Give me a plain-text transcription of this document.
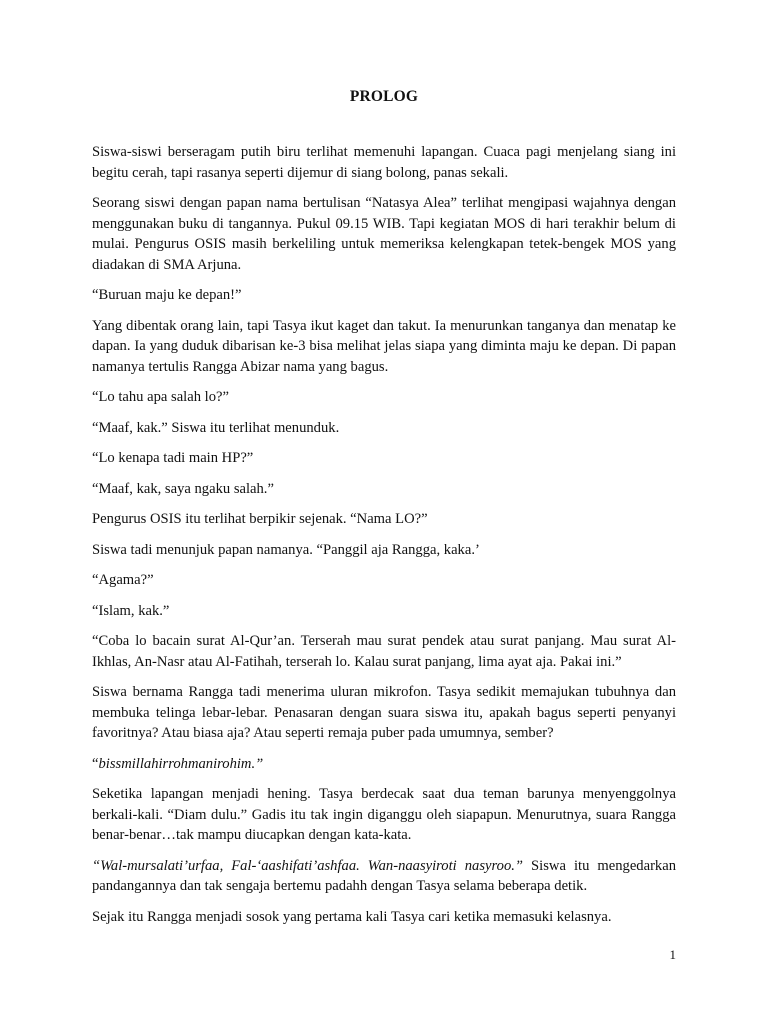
PROLOG

Siswa-siswi berseragam putih biru terlihat memenuhi lapangan. Cuaca pagi menjelang siang ini begitu cerah, tapi rasanya seperti dijemur di siang bolong, panas sekali.

Seorang siswi dengan papan nama bertulisan “Natasya Alea” terlihat mengipasi wajahnya dengan menggunakan buku di tangannya. Pukul 09.15 WIB. Tapi kegiatan MOS di hari terakhir belum di mulai. Pengurus OSIS masih berkeliling untuk memeriksa kelengkapan tetek-bengek MOS yang diadakan di SMA Arjuna.

“Buruan maju ke depan!”

Yang dibentak orang lain, tapi Tasya ikut kaget dan takut. Ia menurunkan tanganya dan menatap ke dapan. Ia yang duduk dibarisan ke-3 bisa melihat jelas siapa yang diminta maju ke depan. Di papan namanya tertulis Rangga Abizar nama yang bagus.

“Lo tahu apa salah lo?”

“Maaf, kak.” Siswa itu terlihat menunduk.

“Lo kenapa tadi main HP?”

“Maaf, kak, saya ngaku salah.”

Pengurus OSIS itu terlihat berpikir sejenak. “Nama LO?”

Siswa tadi menunjuk papan namanya. “Panggil aja Rangga, kaka.’

“Agama?”

“Islam, kak.”

“Coba lo bacain surat Al-Qur’an. Terserah mau surat pendek atau surat panjang. Mau surat Al-Ikhlas, An-Nasr atau Al-Fatihah, terserah lo. Kalau surat panjang, lima ayat aja. Pakai ini.”

Siswa bernama Rangga tadi menerima uluran mikrofon. Tasya sedikit memajukan tubuhnya dan membuka telinga lebar-lebar. Penasaran dengan suara siswa itu, apakah bagus seperti penyanyi favoritnya? Atau biasa aja? Atau seperti remaja puber pada umumnya, sember?

“bissmillahirrohmanirohim.”

Seketika lapangan menjadi hening. Tasya berdecak saat dua teman barunya menyenggolnya berkali-kali. “Diam dulu.” Gadis itu tak ingin diganggu oleh siapapun. Menurutnya, suara Rangga benar-benar…tak mampu diucapkan dengan kata-kata.

“Wal-mursalati’urfaa, Fal-‘aashifati’ashfaa. Wan-naasyiroti nasyroo.” Siswa itu mengedarkan pandangannya dan tak sengaja bertemu padahh dengan Tasya selama beberapa detik.

Sejak itu Rangga menjadi sosok yang pertama kali Tasya cari ketika memasuki kelasnya.

1
